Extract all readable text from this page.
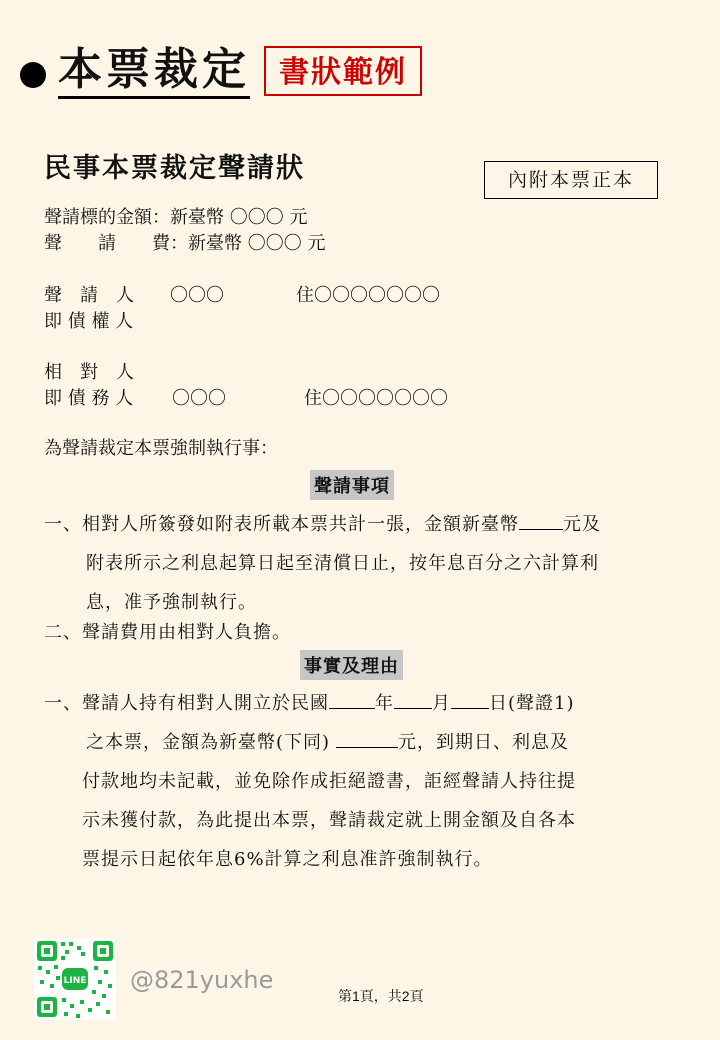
本票裁定 書狀範例
民事本票裁定聲請狀	內附本票正本
聲請標的金額：新臺幣 〇〇〇 元
聲　　請　　費：新臺幣 〇〇〇 元
聲　請　人 〇〇〇	住〇〇〇〇〇〇〇
即 債 權 人
相　對　人
即 債 務 人 〇〇〇	住〇〇〇〇〇〇〇
為聲請裁定本票強制執行事：
聲請事項
一、相對人所簽發如附表所載本票共計一張，金額新臺幣 元及
附表所示之利息起算日起至清償日止，按年息百分之六計算利
息，准予強制執行。
二、聲請費用由相對人負擔。
事實及理由
一、聲請人持有相對人開立於民國	年 月 日(聲證1)
之本票，金額為新臺幣(下同)	元，到期日、利息及
付款地均未記載，並免除作成拒絕證書，詎經聲請人持往提
示未獲付款，為此提出本票，聲請裁定就上開金額及自各本
票提示日起依年息6%計算之利息准許強制執行。
LINE @821yuxhe
第1頁，共2頁
